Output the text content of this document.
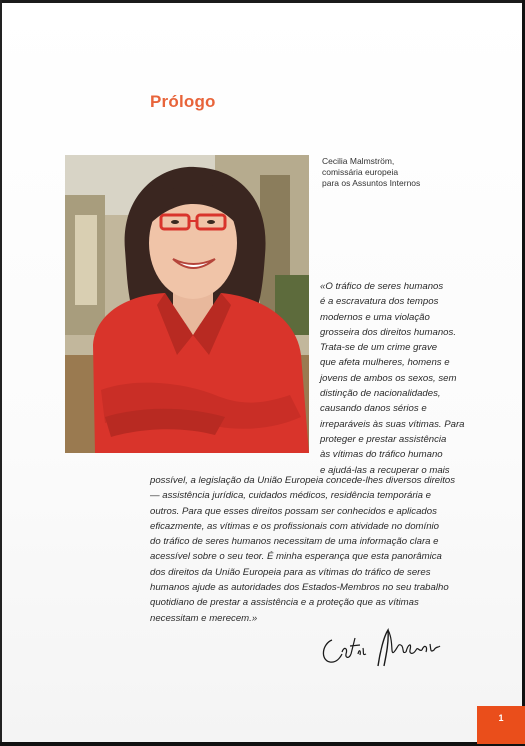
Prólogo
Cecilia Malmström,
comissária europeia
para os Assuntos Internos
«O tráfico de seres humanos
é a escravatura dos tempos
modernos e uma violação
grosseira dos direitos humanos.
Trata-se de um crime grave
que afeta mulheres, homens e
jovens de ambos os sexos, sem
distinção de nacionalidades,
causando danos sérios e
irreparáveis às suas vítimas. Para
proteger e prestar assistência
às vítimas do tráfico humano
e ajudá-las a recuperar o mais
possível, a legislação da União Europeia concede-lhes diversos direitos
— assistência jurídica, cuidados médicos, residência temporária e
outros. Para que esses direitos possam ser conhecidos e aplicados
eficazmente, as vítimas e os profissionais com atividade no domínio
do tráfico de seres humanos necessitam de uma informação clara e
acessível sobre o seu teor. É minha esperança que esta panorâmica
dos direitos da União Europeia para as vítimas do tráfico de seres
humanos ajude as autoridades dos Estados-Membros no seu trabalho
quotidiano de prestar a assistência e a proteção que as vítimas
necessitam e merecem.»
1
